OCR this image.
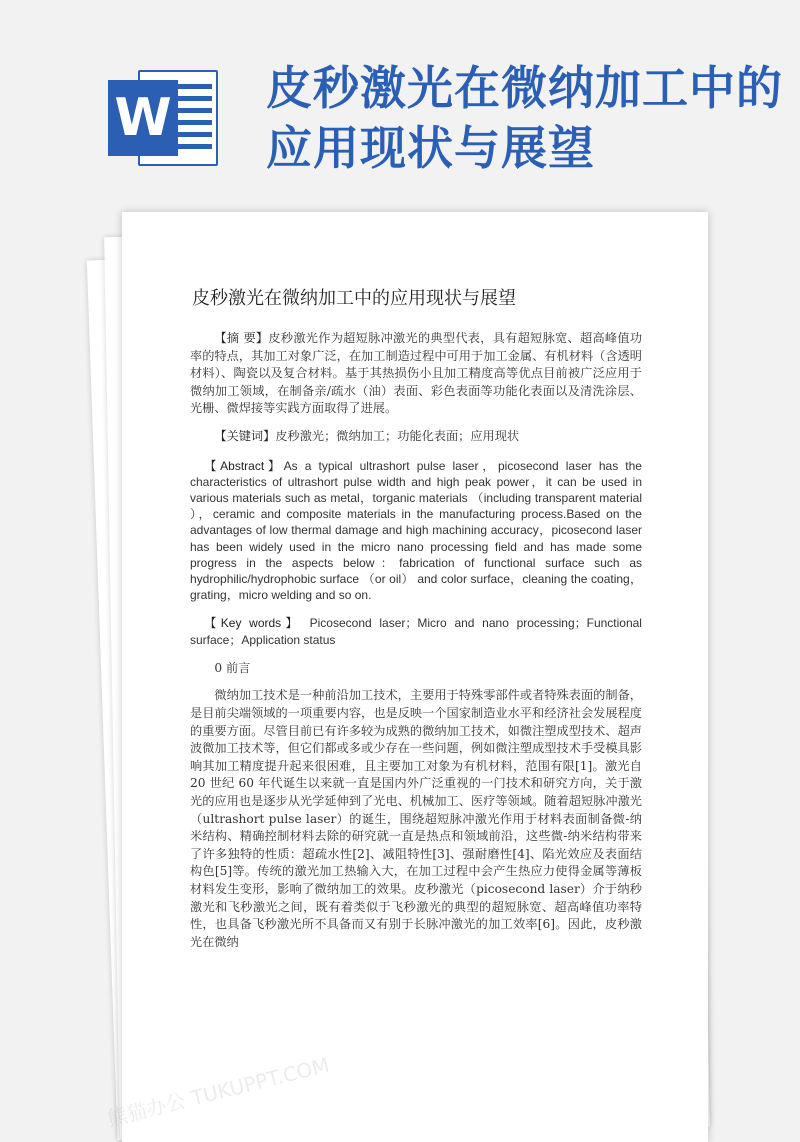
W 皮秒激光在微纳加工中的应用现状与展望
皮秒激光在微纳加工中的应用现状与展望

【摘 要】皮秒激光作为超短脉冲激光的典型代表，具有超短脉宽、超高峰值功率的特点，其加工对象广泛，在加工制造过程中可用于加工金属、有机材料（含透明材料）、陶瓷以及复合材料。基于其热损伤小且加工精度高等优点目前被广泛应用于微纳加工领域，在制备亲/疏水（油）表面、彩色表面等功能化表面以及清洗涂层、光栅、微焊接等实践方面取得了进展。

【关键词】皮秒激光；微纳加工；功能化表面；应用现状

【Abstract】As a typical ultrashort pulse laser，picosecond laser has the characteristics of ultrashort pulse width and high peak power，it can be used in various materials such as metal，torganic materials （including transparent material ），ceramic and composite materials in the manufacturing process.Based on the advantages of low thermal damage and high machining accuracy，picosecond laser has been widely used in the micro nano processing field and has made some progress in the aspects below：fabrication of functional surface such as hydrophilic/hydrophobic surface （or oil） and color surface，cleaning the coating，grating，micro welding and so on.

【Key words】 Picosecond laser；Micro and nano processing；Functional surface；Application status

0 前言

微纳加工技术是一种前沿加工技术，主要用于特殊零部件或者特殊表面的制备，是目前尖端领域的一项重要内容，也是反映一个国家制造业水平和经济社会发展程度的重要方面。尽管目前已有许多较为成熟的微纳加工技术，如微注塑成型技术、超声波微加工技术等，但它们都或多或少存在一些问题，例如微注塑成型技术手受模具影响其加工精度提升起来很困难，且主要加工对象为有机材料，范围有限[1]。激光自 20 世纪 60 年代诞生以来就一直是国内外广泛重视的一门技术和研究方向，关于激光的应用也是逐步从光学延伸到了光电、机械加工、医疗等领域。随着超短脉冲激光（ultrashort pulse laser）的诞生，围绕超短脉冲激光作用于材料表面制备微-纳米结构、精确控制材料去除的研究就一直是热点和领域前沿，这些微-纳米结构带来了许多独特的性质：超疏水性[2]、减阻特性[3]、强耐磨性[4]、陷光效应及表面结构色[5]等。传统的激光加工热输入大，在加工过程中会产生热应力使得金属等薄板材料发生变形，影响了微纳加工的效果。皮秒激光（picosecond laser）介于纳秒激光和飞秒激光之间，既有着类似于飞秒激光的典型的超短脉宽、超高峰值功率特性，也具备飞秒激光所不具备而又有别于长脉冲激光的加工效率[6]。因此，皮秒激光在微纳
